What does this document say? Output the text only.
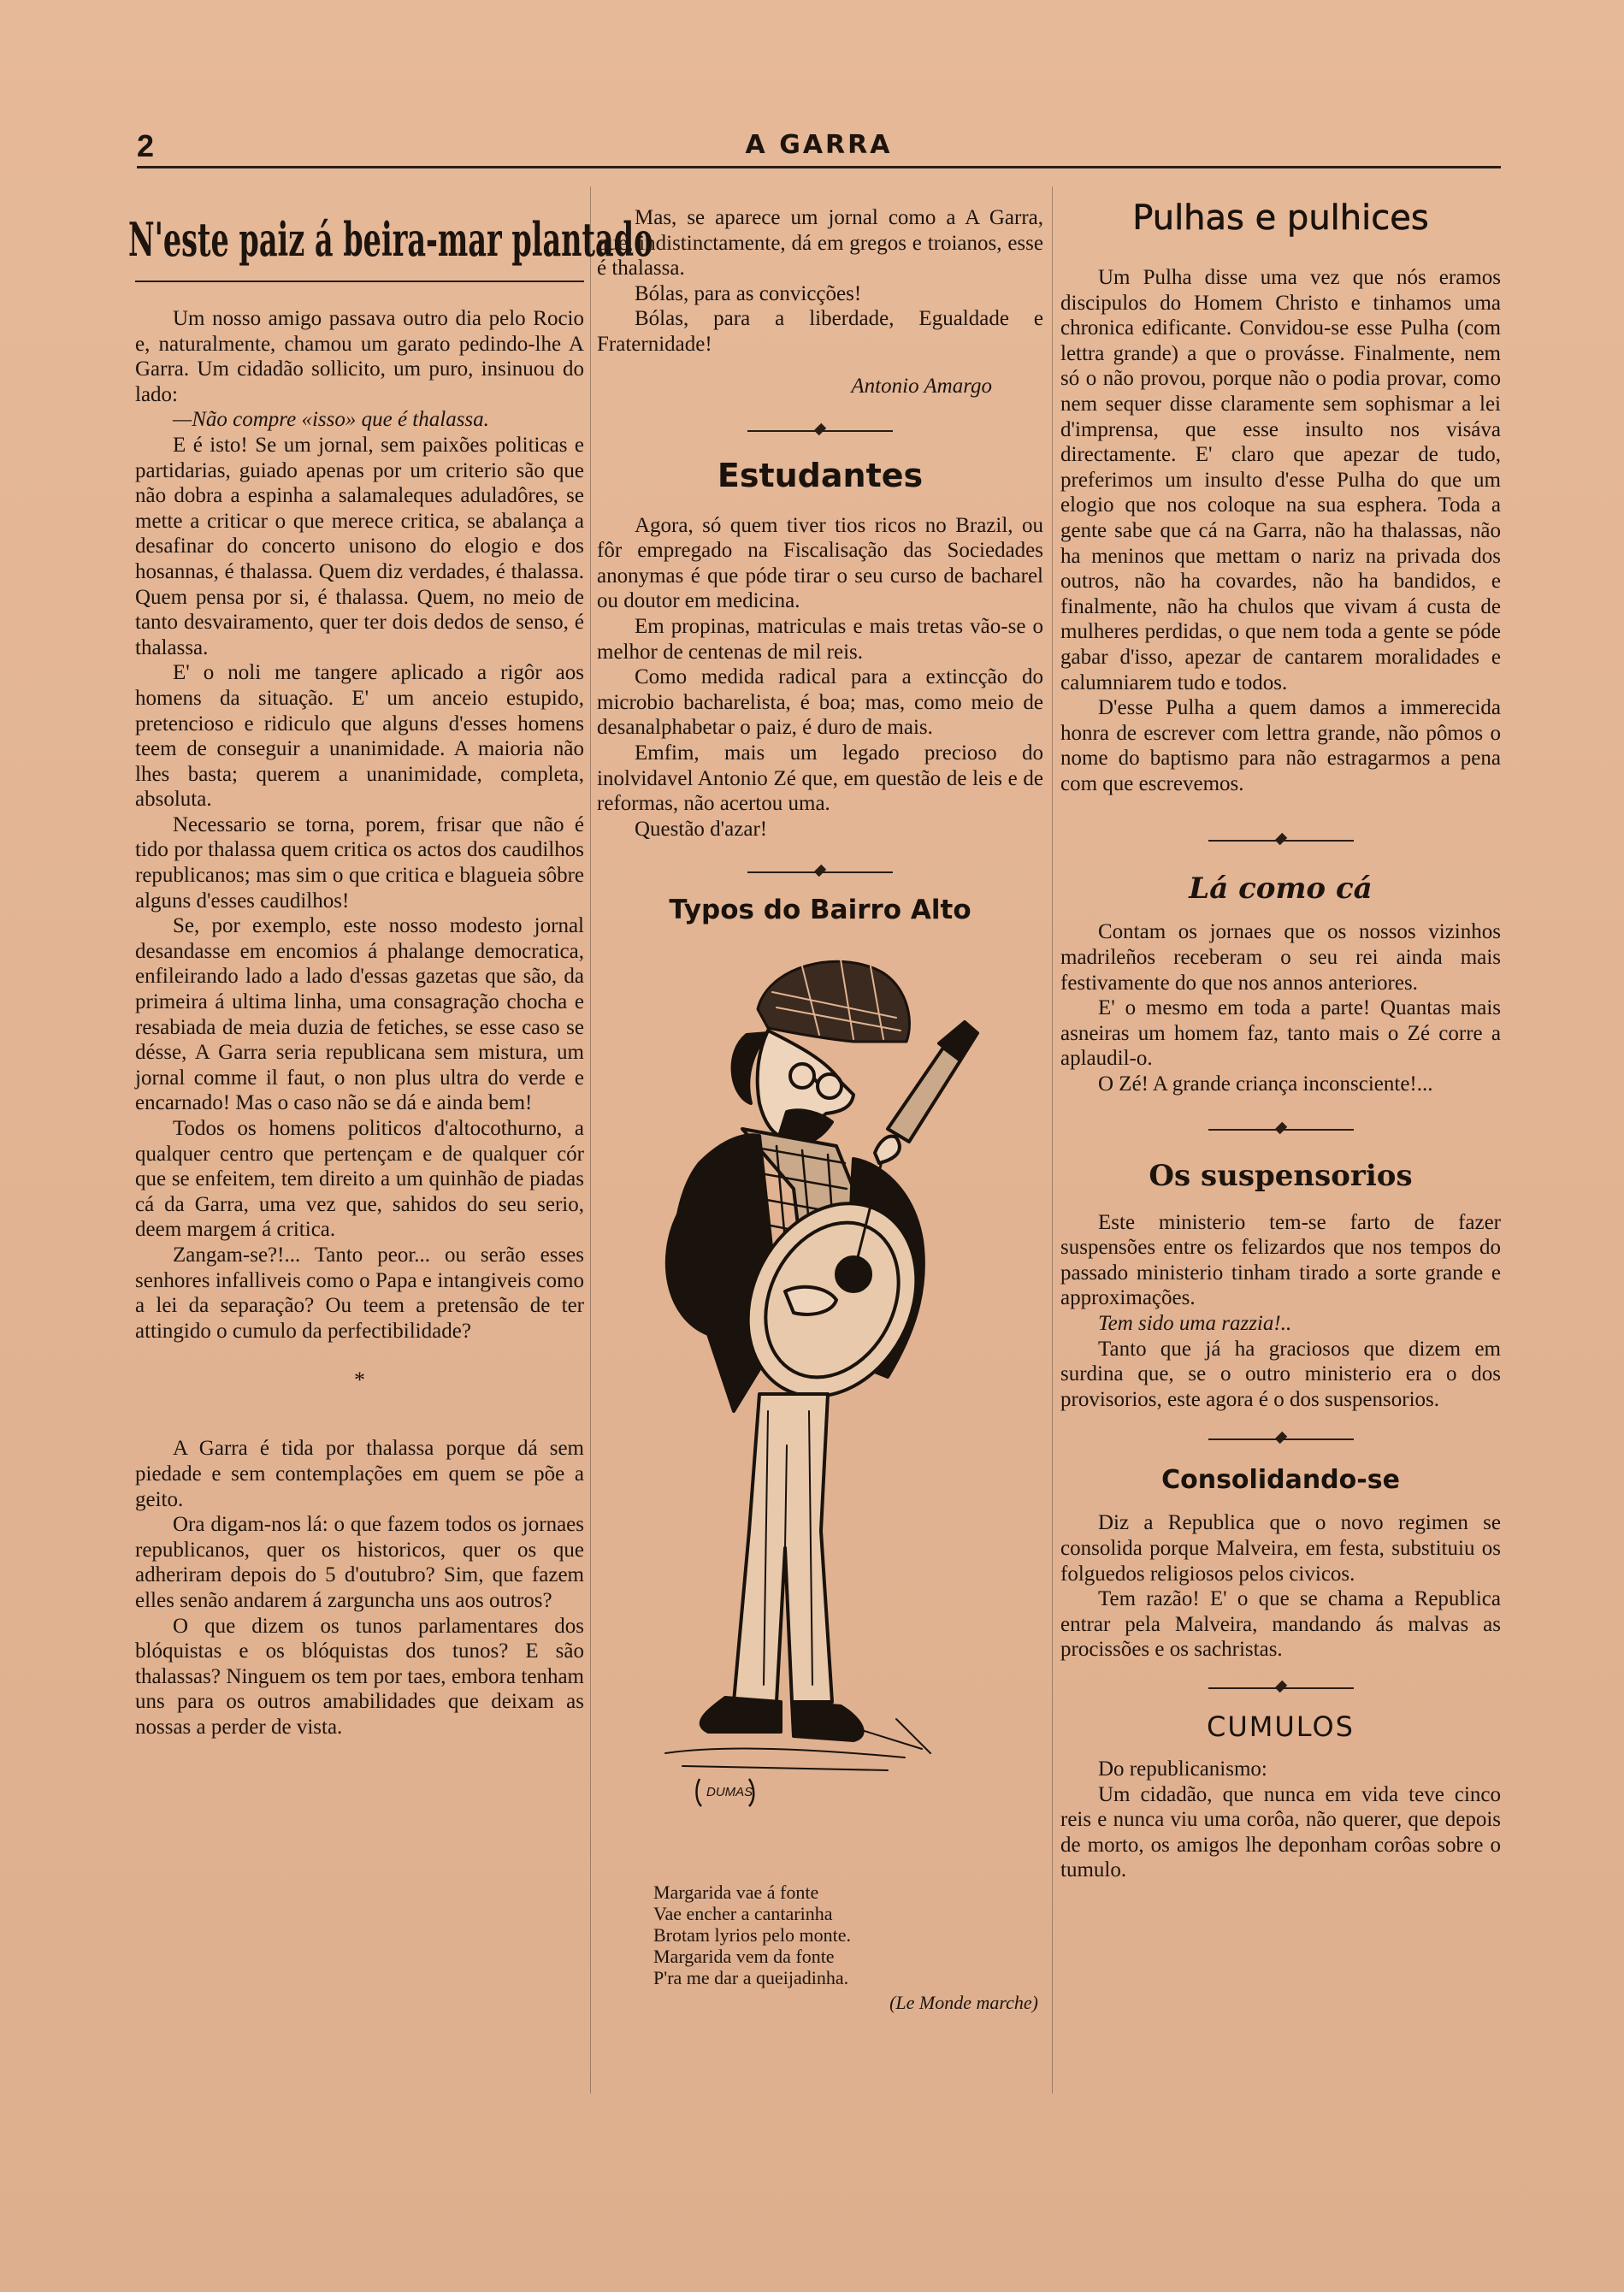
2	A GARRA
N'este paiz á beira-mar plantado

Um nosso amigo passava outro dia pelo Rocio e, naturalmente, chamou um garato pedindo-lhe A Garra. Um cidadão sollicito, um puro, insinuou do lado:

—Não compre «isso» que é thalassa.

E é isto! Se um jornal, sem paixões politicas e partidarias, guiado apenas por um criterio são que não dobra a espinha a salamaleques aduladôres, se mette a criticar o que merece critica, se abalança a desafinar do concerto unisono do elogio e dos hosannas, é thalassa. Quem diz verdades, é thalassa. Quem pensa por si, é thalassa. Quem, no meio de tanto desvairamento, quer ter dois dedos de senso, é thalassa.

E' o noli me tangere aplicado a rigôr aos homens da situação. E' um anceio estupido, pretencioso e ridiculo que alguns d'esses homens teem de conseguir a unanimidade. A maioria não lhes basta; querem a unanimidade, completa, absoluta.

Necessario se torna, porem, frisar que não é tido por thalassa quem critica os actos dos caudilhos republicanos; mas sim o que critica e blagueia sôbre alguns d'esses caudilhos!

Se, por exemplo, este nosso modesto jornal desandasse em encomios á phalange democratica, enfileirando lado a lado d'essas gazetas que são, da primeira á ultima linha, uma consagração chocha e resabiada de meia duzia de fetiches, se esse caso se désse, A Garra seria republicana sem mistura, um jornal comme il faut, o non plus ultra do verde e encarnado! Mas o caso não se dá e ainda bem!

Todos os homens politicos d'altocothurno, a qualquer centro que pertençam e de qualquer cór que se enfeitem, tem direito a um quinhão de piadas cá da Garra, uma vez que, sahidos do seu serio, deem margem á critica.

Zangam-se?!... Tanto peor... ou serão esses senhores infalliveis como o Papa e intangiveis como a lei da separação? Ou teem a pretensão de ter attingido o cumulo da perfectibilidade?

*

A Garra é tida por thalassa porque dá sem piedade e sem contemplações em quem se põe a geito.

Ora digam-nos lá: o que fazem todos os jornaes republicanos, quer os historicos, quer os que adheriram depois do 5 d'outubro? Sim, que fazem elles senão andarem á zarguncha uns aos outros?

O que dizem os tunos parlamentares dos blóquistas e os blóquistas dos tunos? E são thalassas? Ninguem os tem por taes, embora tenham uns para os outros amabilidades que deixam as nossas a perder de vista.

Mas, se aparece um jornal como a A Garra, que, indistinctamente, dá em gregos e troianos, esse é thalassa.

Bólas, para as convicções!

Bólas, para a liberdade, Egualdade e Fraternidade!

Antonio Amargo
Estudantes

Agora, só quem tiver tios ricos no Brazil, ou fôr empregado na Fiscalisação das Sociedades anonymas é que póde tirar o seu curso de bacharel ou doutor em medicina.

Em propinas, matriculas e mais tretas vão-se o melhor de centenas de mil reis.

Como medida radical para a extincção do microbio bacharelista, é boa; mas, como meio de desanalphabetar o paiz, é duro de mais.

Emfim, mais um legado precioso do inolvidavel Antonio Zé que, em questão de leis e de reformas, não acertou uma.

Questão d'azar!

Typos do Bairro Alto
DUMAS
Margarida vae á fonte
Vae encher a cantarinha
Brotam lyrios pelo monte.
Margarida vem da fonte
P'ra me dar a queijadinha.
(Le Monde marche)
Pulhas e pulhices

Um Pulha disse uma vez que nós eramos discipulos do Homem Christo e tinhamos uma chronica edificante. Convidou-se esse Pulha (com lettra grande) a que o provásse. Finalmente, nem só o não provou, porque não o podia provar, como nem sequer disse claramente sem sophismar a lei d'imprensa, que esse insulto nos visáva directamente. E' claro que apezar de tudo, preferimos um insulto d'esse Pulha do que um elogio que nos coloque na sua esphera. Toda a gente sabe que cá na Garra, não ha thalassas, não ha meninos que mettam o nariz na privada dos outros, não ha covardes, não ha bandidos, e finalmente, não ha chulos que vivam á custa de mulheres perdidas, o que nem toda a gente se póde gabar d'isso, apezar de cantarem moralidades e calumniarem tudo e todos.

D'esse Pulha a quem damos a immerecida honra de escrever com lettra grande, não pômos o nome do baptismo para não estragarmos a pena com que escrevemos.

Lá como cá

Contam os jornaes que os nossos vizinhos madrileños receberam o seu rei ainda mais festivamente do que nos annos anteriores.

E' o mesmo em toda a parte! Quantas mais asneiras um homem faz, tanto mais o Zé corre a aplaudil-o.

O Zé! A grande criança inconsciente!...

Os suspensorios

Este ministerio tem-se farto de fazer suspensões entre os felizardos que nos tempos do passado ministerio tinham tirado a sorte grande e approximações.

Tem sido uma razzia!..

Tanto que já ha graciosos que dizem em surdina que, se o outro ministerio era o dos provisorios, este agora é o dos suspensorios.

Consolidando-se

Diz a Republica que o novo regimen se consolida porque Malveira, em festa, substituiu os folguedos religiosos pelos civicos.

Tem razão! E' o que se chama a Republica entrar pela Malveira, mandando ás malvas as procissões e os sachristas.

CUMULOS

Do republicanismo:

Um cidadão, que nunca em vida teve cinco reis e nunca viu uma corôa, não querer, que depois de morto, os amigos lhe deponham corôas sobre o tumulo.
